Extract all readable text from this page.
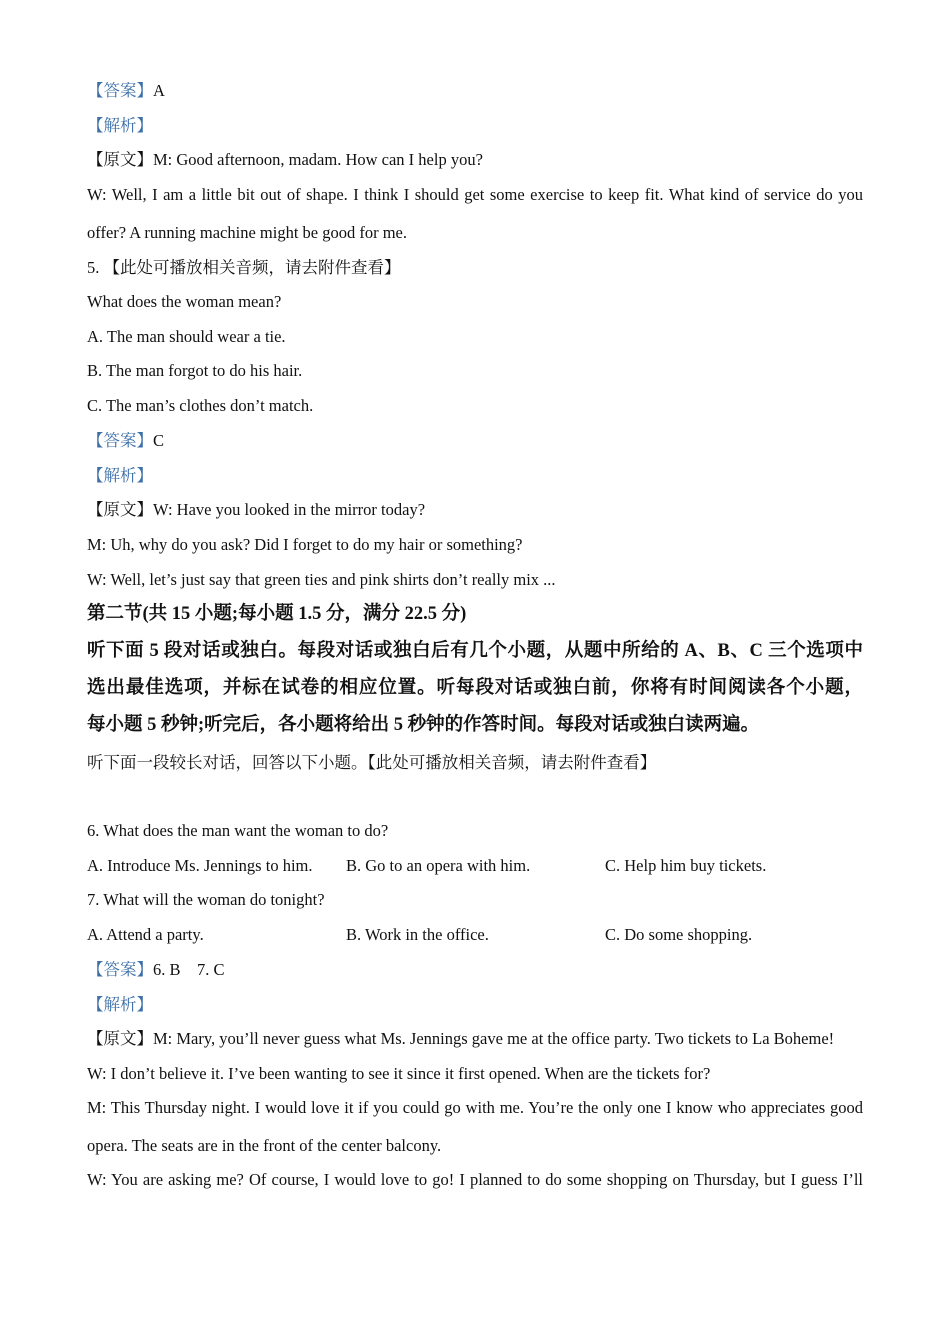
【答案】A
【解析】
【原文】M: Good afternoon, madam. How can I help you?
W: Well, I am a little bit out of shape. I think I should get some exercise to keep fit. What kind of service do you
offer? A running machine might be good for me.
5. 【此处可播放相关音频，请去附件查看】
What does the woman mean?
A. The man should wear a tie.
B. The man forgot to do his hair.
C. The man’s clothes don’t match.
【答案】C
【解析】
【原文】W: Have you looked in the mirror today?
M: Uh, why do you ask? Did I forget to do my hair or something?
W: Well, let’s just say that green ties and pink shirts don’t really mix ...
第二节(共 15 小题;每小题 1.5 分，满分 22.5 分)
听下面 5 段对话或独白。每段对话或独白后有几个小题，从题中所给的 A、B、C 三个选项中
选出最佳选项，并标在试卷的相应位置。听每段对话或独白前，你将有时间阅读各个小题，
每小题 5 秒钟;听完后，各小题将给出 5 秒钟的作答时间。每段对话或独白读两遍。
听下面一段较长对话，回答以下小题。【此处可播放相关音频，请去附件查看】
6. What does the man want the woman to do?
A. Introduce Ms. Jennings to him. B. Go to an opera with him.	C. Help him buy tickets.
7. What will the woman do tonight?
A. Attend a party.	B. Work in the office.	C. Do some shopping.
【答案】6. B    7. C
【解析】
【原文】M: Mary, you’ll never guess what Ms. Jennings gave me at the office party. Two tickets to La Boheme!
W: I don’t believe it. I’ve been wanting to see it since it first opened. When are the tickets for?
M: This Thursday night. I would love it if you could go with me. You’re the only one I know who appreciates good
opera. The seats are in the front of the center balcony.
W: You are asking me? Of course, I would love to go! I planned to do some shopping on Thursday, but I guess I’ll
